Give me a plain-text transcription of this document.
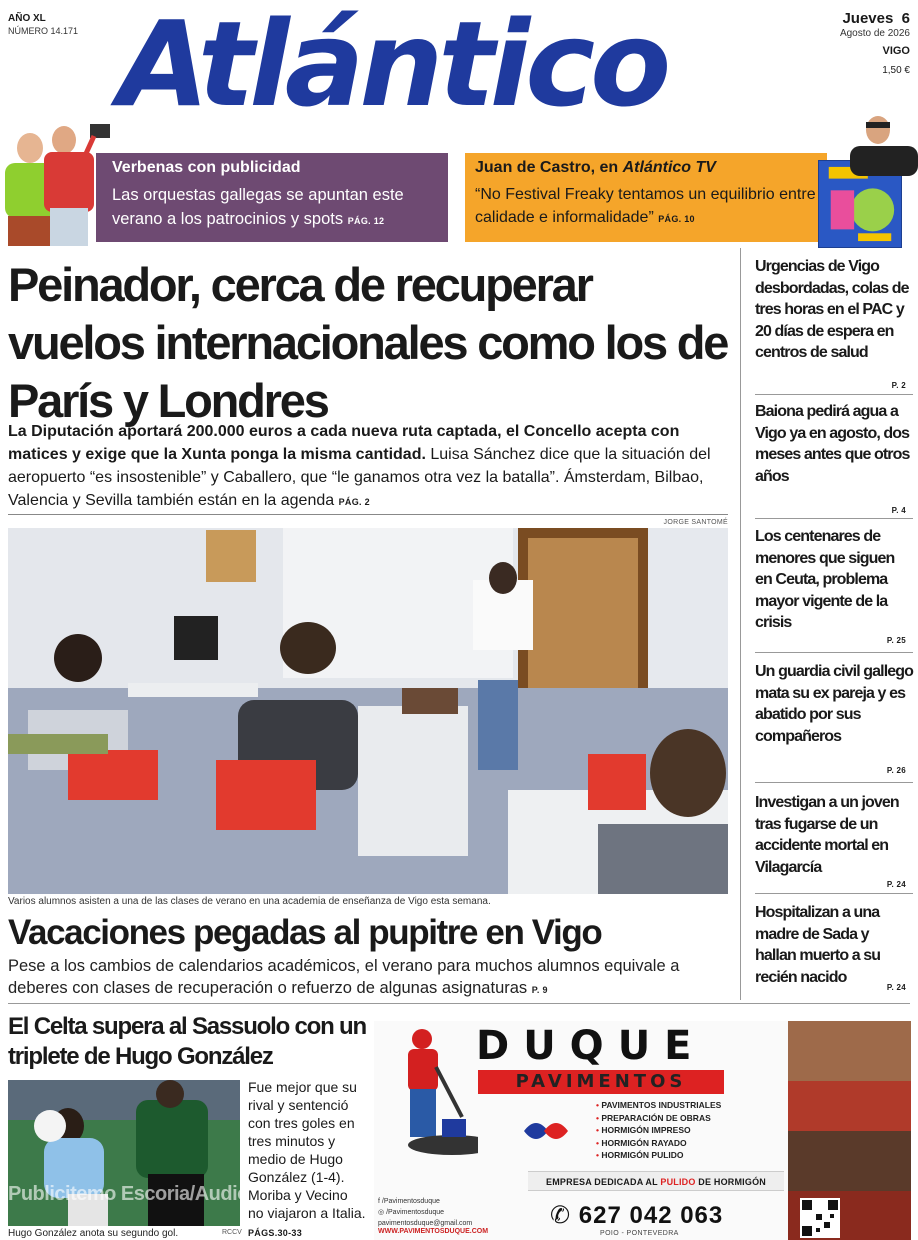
AÑO XL
NÚMERO 14.171 Atlántico	Jueves 6
Agosto de 2026
VIGO
1,50 €
Verbenas con publicidad
Las orquestas gallegas se apuntan este verano a los patrocinios y spots PÁG. 12
Juan de Castro, en Atlántico TV
“No Festival Freaky tentamos un equilibrio entre calidade e informalidade” PÁG. 10
Peinador, cerca de recuperar vuelos internacionales como los de París y Londres
La Diputación aportará 200.000 euros a cada nueva ruta captada, el Concello acepta con matices y exige que la Xunta ponga la misma cantidad. Luisa Sánchez dice que la situación del aeropuerto “es insostenible” y Caballero, que “le ganamos otra vez la batalla”. Ámsterdam, Bilbao, Valencia y Sevilla también están en la agenda PÁG. 2
JORGE SANTOMÉ
Varios alumnos asisten a una de las clases de verano en una academia de enseñanza de Vigo esta semana.
Vacaciones pegadas al pupitre en Vigo
Pese a los cambios de calendarios académicos, el verano para muchos alumnos equivale a deberes con clases de recuperación o refuerzo de algunas asignaturas P. 9
El Celta supera al Sassuolo con un triplete de Hugo González
Hugo González anota su segundo gol.	RCCV
Fue mejor que su rival y sentenció con tres goles en tres minutos y medio de Hugo González (1-4). Moriba y Vecino no viajaron a Italia. PÁGS.30-33
Publicitemo Escoria/Audio
DUQUE
PAVIMENTOS
• PAVIMENTOS INDUSTRIALES
• PREPARACIÓN DE OBRAS
• HORMIGÓN IMPRESO
• HORMIGÓN RAYADO
• HORMIGÓN PULIDO
EMPRESA DEDICADA AL PULIDO DE HORMIGÓN
f /Pavimentosduque
◎ /Pavimentosduque
pavimentosduque@gmail.com
WWW.PAVIMENTOSDUQUE.COM
✆ 627 042 063
POIO - PONTEVEDRA
Urgencias de Vigo desbordadas, colas de tres horas en el PAC y 20 días de espera en centros de salud
P. 2
Baiona pedirá agua a Vigo ya en agosto, dos meses antes que otros años
P. 4
Los centenares de menores que siguen en Ceuta, problema mayor vigente de la crisis
P. 25
Un guardia civil gallego mata su ex pareja y es abatido por sus compañeros
P. 26
Investigan a un joven tras fugarse de un accidente mortal en Vilagarcía
P. 24
Hospitalizan a una madre de Sada y hallan muerto a su recién nacido
P. 24
